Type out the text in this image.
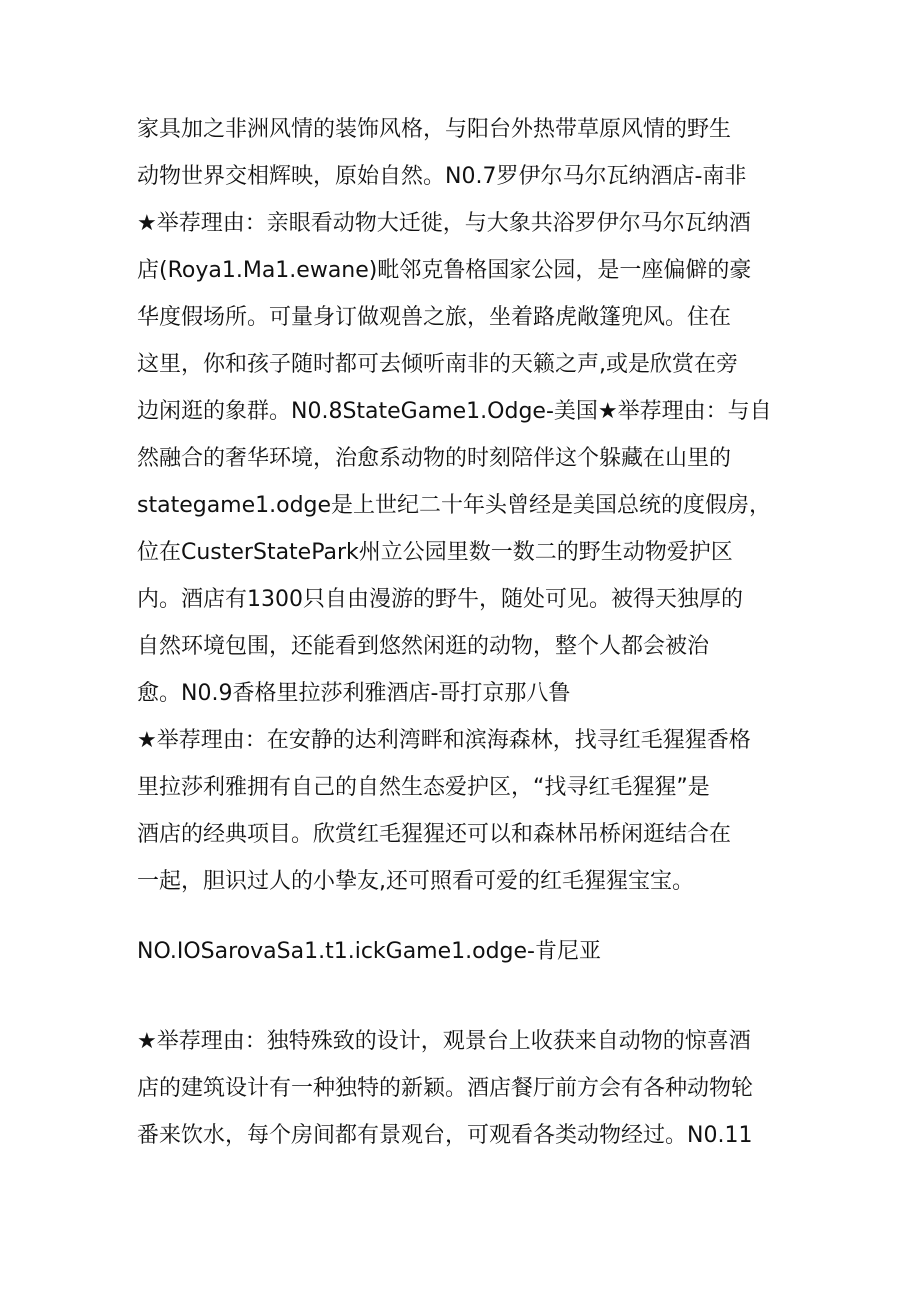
家具加之非洲风情的装饰风格，与阳台外热带草原风情的野生
动物世界交相辉映，原始自然。N0.7罗伊尔马尔瓦纳酒店-南非
★举荐理由：亲眼看动物大迁徙，与大象共浴罗伊尔马尔瓦纳酒
店(Roya1.Ma1.ewane)毗邻克鲁格国家公园，是一座偏僻的豪
华度假场所。可量身订做观兽之旅，坐着路虎敞篷兜风。住在
这里，你和孩子随时都可去倾听南非的天籁之声,或是欣赏在旁
边闲逛的象群。N0.8StateGame1.Odge-美国★举荐理由：与自
然融合的奢华环境，治愈系动物的时刻陪伴这个躲藏在山里的
stategame1.odge是上世纪二十年头曾经是美国总统的度假房，
位在CusterStatePark州立公园里数一数二的野生动物爱护区
内。酒店有1300只自由漫游的野牛，随处可见。被得天独厚的
自然环境包围，还能看到悠然闲逛的动物，整个人都会被治
愈。N0.9香格里拉莎利雅酒店-哥打京那八鲁
★举荐理由：在安静的达利湾畔和滨海森林，找寻红毛猩猩香格
里拉莎利雅拥有自己的自然生态爱护区，“找寻红毛猩猩”是
酒店的经典项目。欣赏红毛猩猩还可以和森林吊桥闲逛结合在
一起，胆识过人的小挚友,还可照看可爱的红毛猩猩宝宝。
NO.IOSarovaSa1.t1.ickGame1.odge-肯尼亚
★举荐理由：独特殊致的设计，观景台上收获来自动物的惊喜酒
店的建筑设计有一种独特的新颖。酒店餐厅前方会有各种动物轮
番来饮水，每个房间都有景观台，可观看各类动物经过。N0.11
